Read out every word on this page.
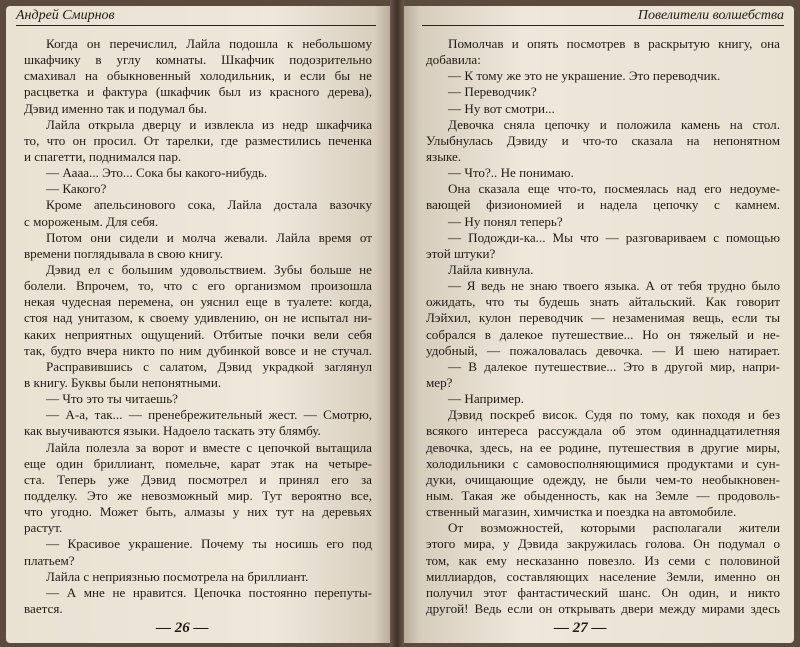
Андрей Смирнов
Когда он перечислил, Лайла подошла к небольшому
шкафчику в углу комнаты. Шкафчик подозрительно
смахивал на обыкновенный холодильник, и если бы не
расцветка и фактура (шкафчик был из красного дерева),
Дэвид именно так и подумал бы.
Лайла открыла дверцу и извлекла из недр шкафчика
то, что он просил. От тарелки, где разместились печенка
и спагетти, поднимался пар.
— Аааа... Это... Сока бы какого-нибудь.
— Какого?
Кроме апельсинового сока, Лайла достала вазочку
с мороженым. Для себя.
Потом они сидели и молча жевали. Лайла время от
времени поглядывала в свою книгу.
Дэвид ел с большим удовольствием. Зубы больше не
болели. Впрочем, то, что с его организмом произошла
некая чудесная перемена, он уяснил еще в туалете: когда,
стоя над унитазом, к своему удивлению, он не испытал ни-
каких неприятных ощущений. Отбитые почки вели себя
так, будто вчера никто по ним дубинкой вовсе и не стучал.
Расправившись с салатом, Дэвид украдкой заглянул
в книгу. Буквы были непонятными.
— Что это ты читаешь?
— А-а, так... — пренебрежительный жест. — Смотрю,
как выучиваются языки. Надоело таскать эту блямбу.
Лайла полезла за ворот и вместе с цепочкой вытащила
еще один бриллиант, помельче, карат этак на четыре-
ста. Теперь уже Дэвид посмотрел и принял его за
подделку. Это же невозможный мир. Тут вероятно все,
что угодно. Может быть, алмазы у них тут на деревьях
растут.
— Красивое украшение. Почему ты носишь его под
платьем?
Лайла с неприязнью посмотрела на бриллиант.
— А мне не нравится. Цепочка постоянно перепуты-
вается.
— 26 —
Повелители волшебства
Помолчав и опять посмотрев в раскрытую книгу, она
добавила:
— К тому же это не украшение. Это переводчик.
— Переводчик?
— Ну вот смотри...
Девочка сняла цепочку и положила камень на стол.
Улыбнулась Дэвиду и что-то сказала на непонятном
языке.
— Что?.. Не понимаю.
Она сказала еще что-то, посмеялась над его недоуме-
вающей физиономией и надела цепочку с камнем.
— Ну понял теперь?
— Подожди-ка... Мы что — разговариваем с помощью
этой штуки?
Лайла кивнула.
— Я ведь не знаю твоего языка. А от тебя трудно было
ожидать, что ты будешь знать айтальский. Как говорит
Лэйхил, кулон переводчик — незаменимая вещь, если ты
собрался в далекое путешествие... Но он тяжелый и не-
удобный, — пожаловалась девочка. — И шею натирает.
— В далекое путешествие... Это в другой мир, напри-
мер?
— Например.
Дэвид поскреб висок. Судя по тому, как походя и без
всякого интереса рассуждала об этом одиннадцатилетняя
девочка, здесь, на ее родине, путешествия в другие миры,
холодильники с самовосполняющимися продуктами и сун-
дуки, очищающие одежду, не были чем-то необыкновен-
ным. Такая же обыденность, как на Земле — продоволь-
ственный магазин, химчистка и поездка на автомобиле.
От возможностей, которыми располагали жители
этого мира, у Дэвида закружилась голова. Он подумал о
том, как ему несказанно повезло. Из семи с половиной
миллиардов, составляющих население Земли, именно он
получил этот фантастический шанс. Он один, и никто
другой! Ведь если он открывать двери между мирами здесь
— 27 —
